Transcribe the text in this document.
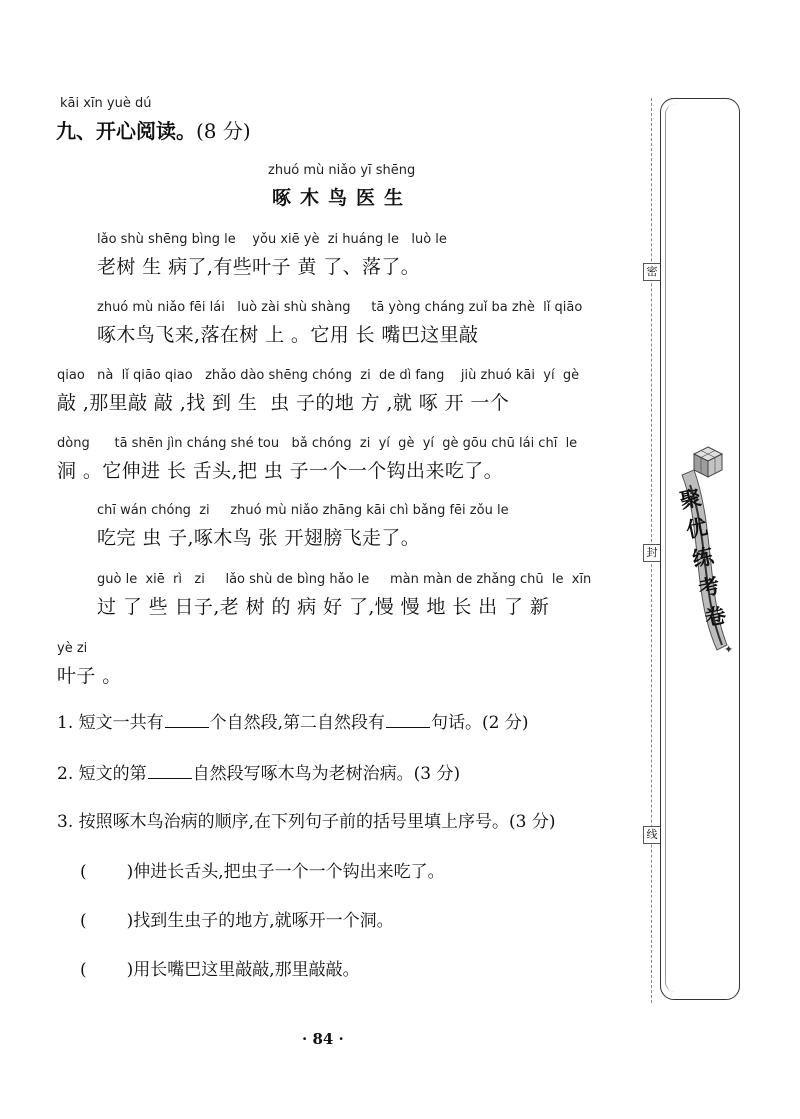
kāi xīn yuè dú
九、开心阅读。(8 分)
zhuó mù niǎo yī shēng
啄木鸟医生
lǎo shù shēng bìng le    yǒu xiē yè  zi huáng le   luò le
老树 生 病了,有些叶子 黄 了、落了。
zhuó mù niǎo fēi lái   luò zài shù shàng     tā yòng cháng zuǐ ba zhè  lǐ qiāo
啄木鸟飞来,落在树 上 。它用 长 嘴巴这里敲
qiao   nà  lǐ qiāo qiao   zhǎo dào shēng chóng  zi  de dì fang    jiù zhuó kāi  yí  gè
敲 ,那里敲 敲 ,找 到 生  虫 子的地 方 ,就 啄 开 一个
dòng      tā shēn jìn cháng shé tou   bǎ chóng  zi  yí  gè  yí  gè gōu chū lái chī  le
洞 。它伸进 长 舌头,把 虫 子一个一个钩出来吃了。
chī wán chóng  zi     zhuó mù niǎo zhāng kāi chì bǎng fēi zǒu le
吃完 虫 子,啄木鸟 张 开翅膀飞走了。
guò le  xiē  rì   zi     lǎo shù de bìng hǎo le     màn màn de zhǎng chū  le  xīn
过 了 些 日子,老 树 的 病 好 了,慢 慢 地 长 出 了 新
yè zi
叶子 。
1. 短文一共有	个自然段,第二自然段有	句话。(2 分)
2. 短文的第	自然段写啄木鸟为老树治病。(3 分)
3. 按照啄木鸟治病的顺序,在下列句子前的括号里填上序号。(3 分)
( )伸进长舌头,把虫子一个一个钩出来吃了。
( )找到生虫子的地方,就啄开一个洞。
( )用长嘴巴这里敲敲,那里敲敲。
· 84 ·
密
封
线
聚优练考卷
✦
